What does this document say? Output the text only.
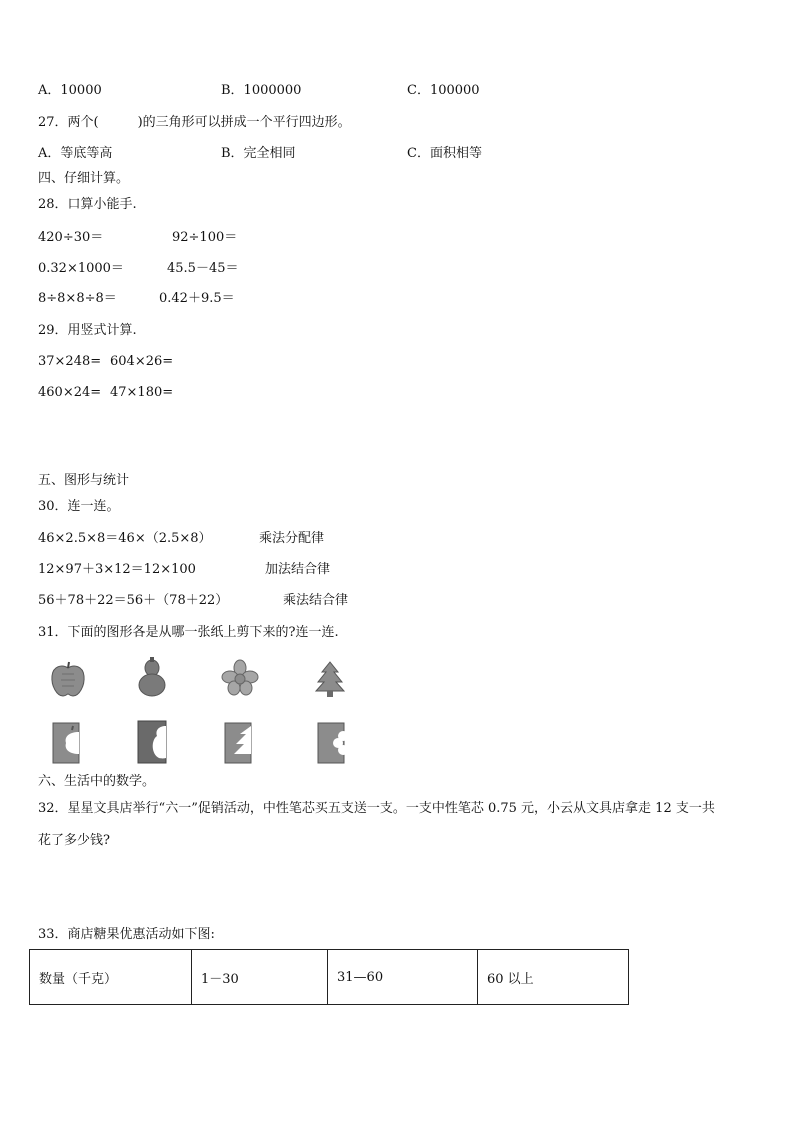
A．10000	B．1000000	C．100000
27．两个(　　　)的三角形可以拼成一个平行四边形。
A．等底等高	B．完全相同	C．面积相等
四、仔细计算。
28．口算小能手.
420÷30＝	92÷100＝
0.32×1000＝	45.5－45＝
8÷8×8÷8＝	0.42＋9.5＝
29．用竖式计算.
37×248= 604×26=
460×24= 47×180=
五、图形与统计
30．连一连。
46×2.5×8＝46×（2.5×8）	乘法分配律
12×97＋3×12＝12×100	加法结合律
56＋78＋22＝56＋（78＋22）	乘法结合律
31．下面的图形各是从哪一张纸上剪下来的?连一连.
六、生活中的数学。
32．星星文具店举行“六一”促销活动，中性笔芯买五支送一支。一支中性笔芯 0.75 元，小云从文具店拿走 12 支一共
花了多少钱?
33．商店糖果优惠活动如下图:
数量（千克）	1－30	31—60	60 以上
